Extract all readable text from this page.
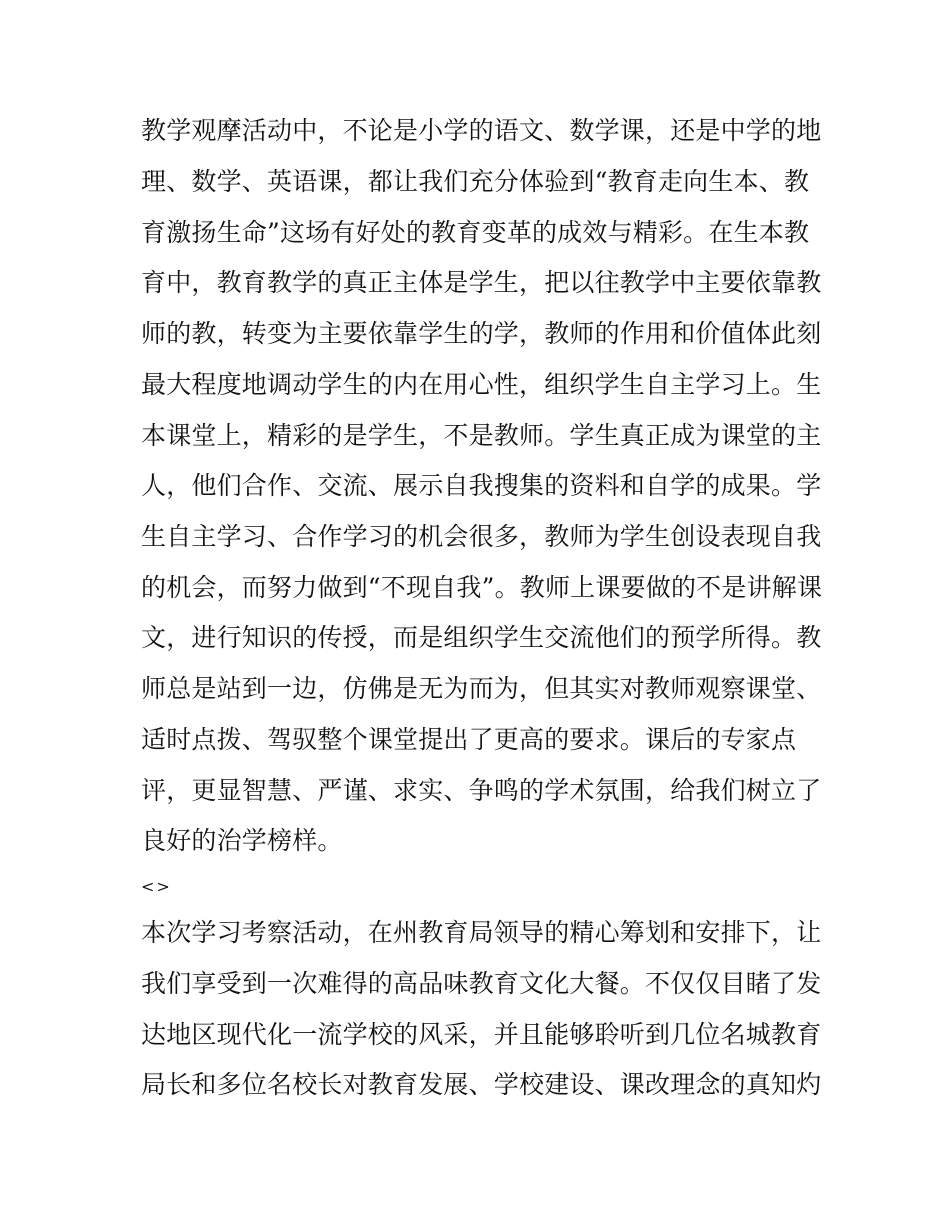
教学观摩活动中，不论是小学的语文、数学课，还是中学的地
理、数学、英语课，都让我们充分体验到“教育走向生本、教
育激扬生命”这场有好处的教育变革的成效与精彩。在生本教
育中，教育教学的真正主体是学生，把以往教学中主要依靠教
师的教，转变为主要依靠学生的学，教师的作用和价值体此刻
最大程度地调动学生的内在用心性，组织学生自主学习上。生
本课堂上，精彩的是学生，不是教师。学生真正成为课堂的主
人，他们合作、交流、展示自我搜集的资料和自学的成果。学
生自主学习、合作学习的机会很多，教师为学生创设表现自我
的机会，而努力做到“不现自我”。教师上课要做的不是讲解课
文，进行知识的传授，而是组织学生交流他们的预学所得。教
师总是站到一边，仿佛是无为而为，但其实对教师观察课堂、
适时点拨、驾驭整个课堂提出了更高的要求。课后的专家点
评，更显智慧、严谨、求实、争鸣的学术氛围，给我们树立了
良好的治学榜样。
<>
本次学习考察活动，在州教育局领导的精心筹划和安排下，让
我们享受到一次难得的高品味教育文化大餐。不仅仅目睹了发
达地区现代化一流学校的风采，并且能够聆听到几位名城教育
局长和多位名校长对教育发展、学校建设、课改理念的真知灼
